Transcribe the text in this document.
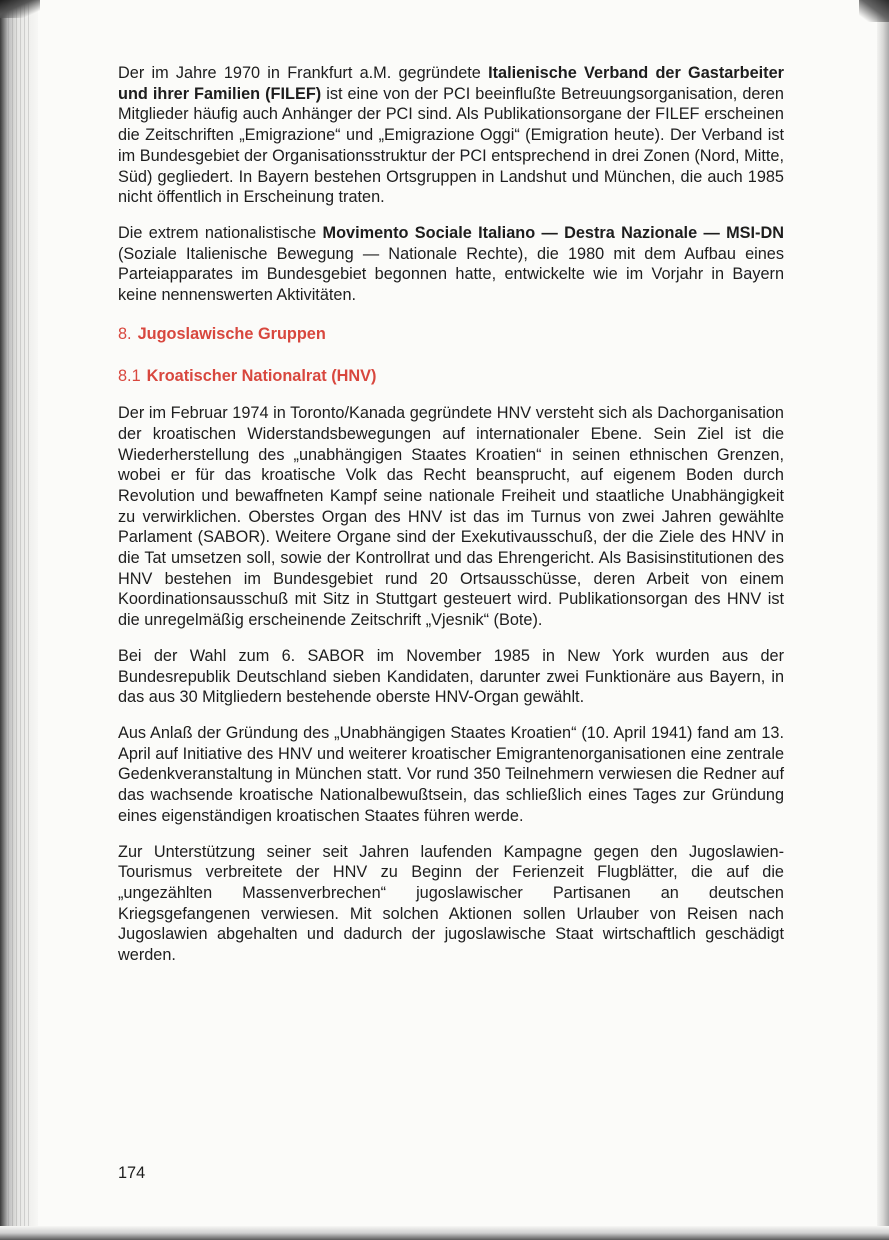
Der im Jahre 1970 in Frankfurt a.M. gegründete Italienische Verband der Gastarbeiter und ihrer Familien (FILEF) ist eine von der PCI beeinflußte Betreuungsorganisation, deren Mitglieder häufig auch Anhänger der PCI sind. Als Publikationsorgane der FILEF erscheinen die Zeitschriften „Emigrazione“ und „Emigrazione Oggi“ (Emigration heute). Der Verband ist im Bundesgebiet der Organisationsstruktur der PCI entsprechend in drei Zonen (Nord, Mitte, Süd) gegliedert. In Bayern bestehen Ortsgruppen in Landshut und München, die auch 1985 nicht öffentlich in Erscheinung traten.

Die extrem nationalistische Movimento Sociale Italiano — Destra Nazionale — MSI-DN (Soziale Italienische Bewegung — Nationale Rechte), die 1980 mit dem Aufbau eines Parteiapparates im Bundesgebiet begonnen hatte, entwickelte wie im Vorjahr in Bayern keine nennenswerten Aktivitäten.

8. Jugoslawische Gruppen
8.1 Kroatischer Nationalrat (HNV)

Der im Februar 1974 in Toronto/Kanada gegründete HNV versteht sich als Dachorganisation der kroatischen Widerstandsbewegungen auf internationaler Ebene. Sein Ziel ist die Wiederherstellung des „unabhängigen Staates Kroatien“ in seinen ethnischen Grenzen, wobei er für das kroatische Volk das Recht beansprucht, auf eigenem Boden durch Revolution und bewaffneten Kampf seine nationale Freiheit und staatliche Unabhängigkeit zu verwirklichen. Oberstes Organ des HNV ist das im Turnus von zwei Jahren gewählte Parlament (SABOR). Weitere Organe sind der Exekutivausschuß, der die Ziele des HNV in die Tat umsetzen soll, sowie der Kontrollrat und das Ehrengericht. Als Basisinstitutionen des HNV bestehen im Bundesgebiet rund 20 Ortsausschüsse, deren Arbeit von einem Koordinationsausschuß mit Sitz in Stuttgart gesteuert wird. Publikationsorgan des HNV ist die unregelmäßig erscheinende Zeitschrift „Vjesnik“ (Bote).

Bei der Wahl zum 6. SABOR im November 1985 in New York wurden aus der Bundesrepublik Deutschland sieben Kandidaten, darunter zwei Funktionäre aus Bayern, in das aus 30 Mitgliedern bestehende oberste HNV-Organ gewählt.

Aus Anlaß der Gründung des „Unabhängigen Staates Kroatien“ (10. April 1941) fand am 13. April auf Initiative des HNV und weiterer kroatischer Emigrantenorganisationen eine zentrale Gedenkveranstaltung in München statt. Vor rund 350 Teilnehmern verwiesen die Redner auf das wachsende kroatische Nationalbewußtsein, das schließlich eines Tages zur Gründung eines eigenständigen kroatischen Staates führen werde.

Zur Unterstützung seiner seit Jahren laufenden Kampagne gegen den Jugoslawien-Tourismus verbreitete der HNV zu Beginn der Ferienzeit Flugblätter, die auf die „ungezählten Massenverbrechen“ jugoslawischer Partisanen an deutschen Kriegsgefangenen verwiesen. Mit solchen Aktionen sollen Urlauber von Reisen nach Jugoslawien abgehalten und dadurch der jugoslawische Staat wirtschaftlich geschädigt werden.

174
